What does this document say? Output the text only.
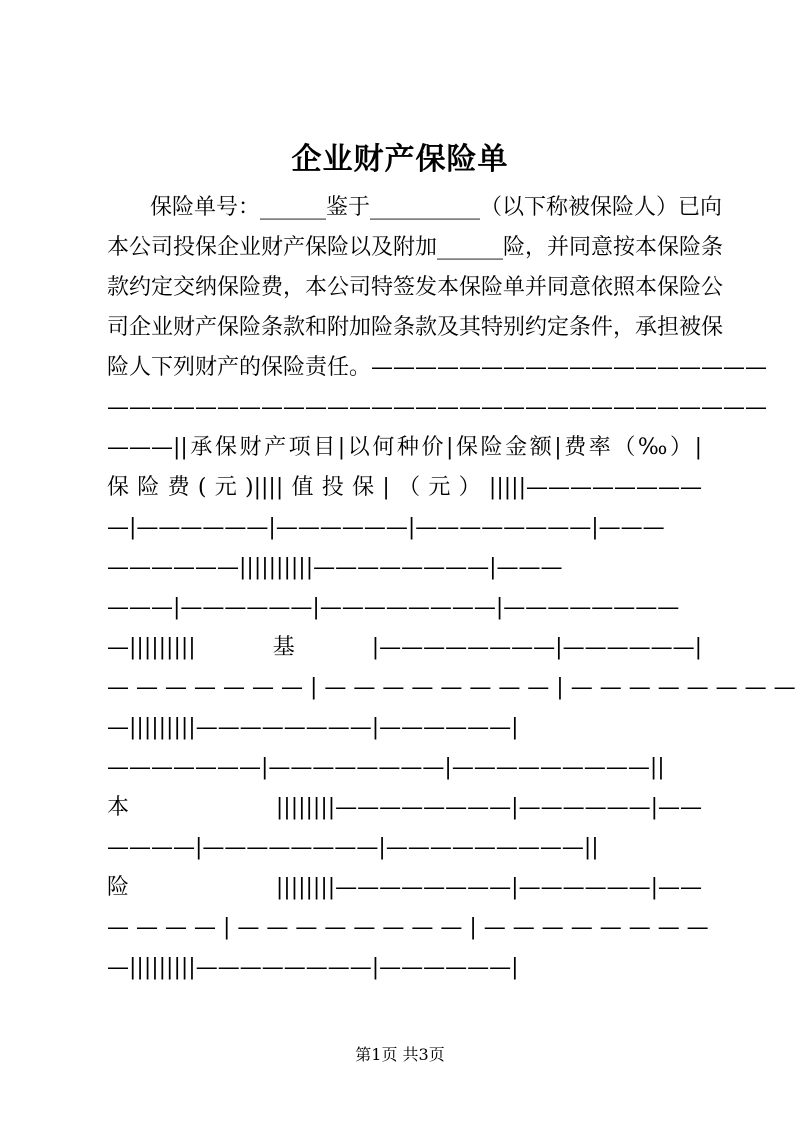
企业财产保险单
保险单号：______鉴于__________（以下称被保险人）已向
本公司投保企业财产保险以及附加______险，并同意按本保险条
款约定交纳保险费，本公司特签发本保险单并同意依照本保险公
司企业财产保险条款和附加险条款及其特别约定条件，承担被保
险人下列财产的保险责任。——————————————————
——————————————————————————————
———||承保财产项目|以何种价|保险金额|费率（‰）|
保险费(元)||||值投保|（元）|||||————————
—|——————|——————|————————|———
——————||||||||||————————|———
———|——————|————————|————————
—|||||||||基|————————|——————|
— — — — — — — | — — — — — — — — | — — — — — — — —
—|||||||||————————|——————|
———————|————————|—————————||
本||||||||————————|——————|——
————|————————|—————————||
险||||||||————————|——————|——
— — — — | — — — — — — — — | — — — — — — — —
—|||||||||————————|——————|
第1页 共3页
